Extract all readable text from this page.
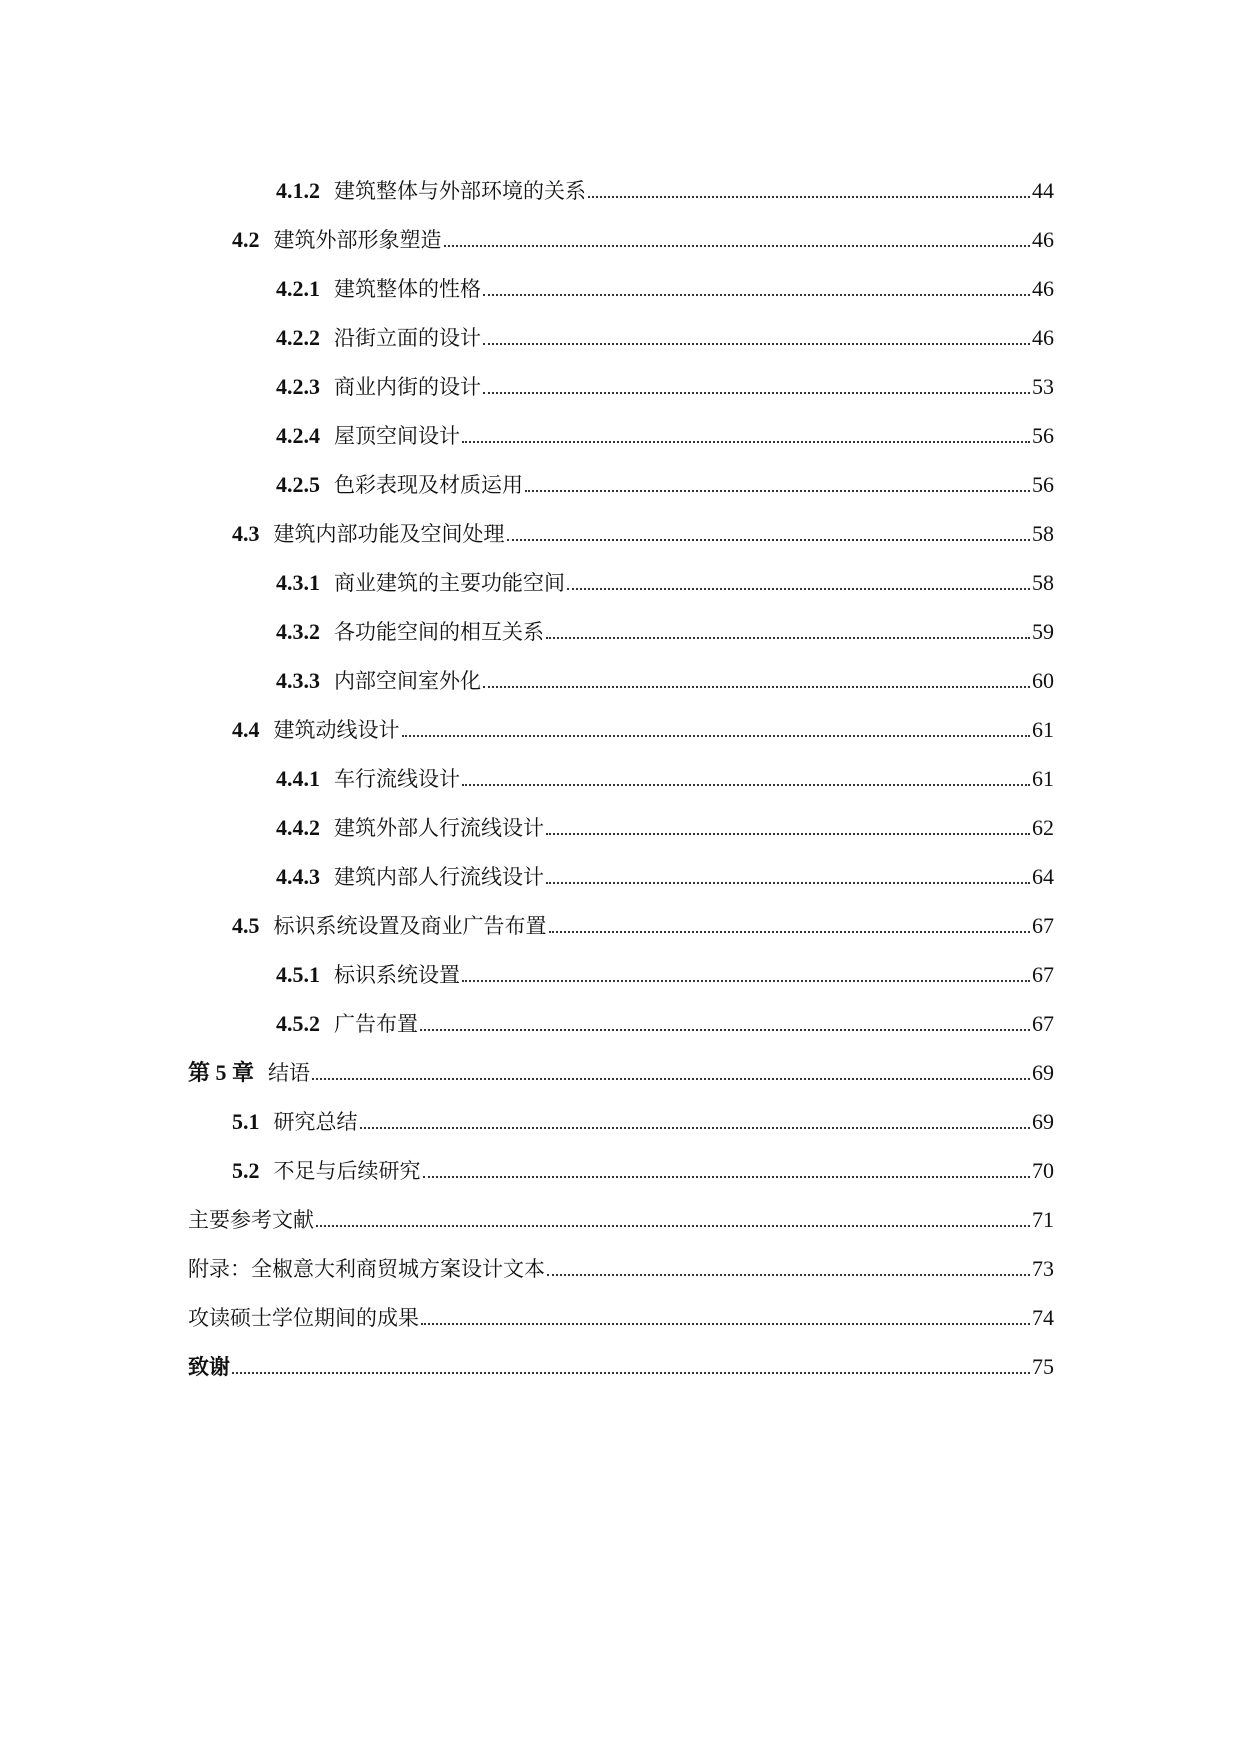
4.1.2 建筑整体与外部环境的关系	44
4.2 建筑外部形象塑造	46
4.2.1 建筑整体的性格	46
4.2.2 沿街立面的设计	46
4.2.3 商业内街的设计	53
4.2.4 屋顶空间设计	56
4.2.5 色彩表现及材质运用	56
4.3 建筑内部功能及空间处理	58
4.3.1 商业建筑的主要功能空间	58
4.3.2 各功能空间的相互关系	59
4.3.3 内部空间室外化	60
4.4 建筑动线设计	61
4.4.1 车行流线设计	61
4.4.2 建筑外部人行流线设计	62
4.4.3 建筑内部人行流线设计	64
4.5 标识系统设置及商业广告布置	67
4.5.1 标识系统设置	67
4.5.2 广告布置	67
第 5 章 结语	69
5.1 研究总结	69
5.2 不足与后续研究	70
主要参考文献	71
附录：全椒意大利商贸城方案设计文本	73
攻读硕士学位期间的成果	74
致谢	75
